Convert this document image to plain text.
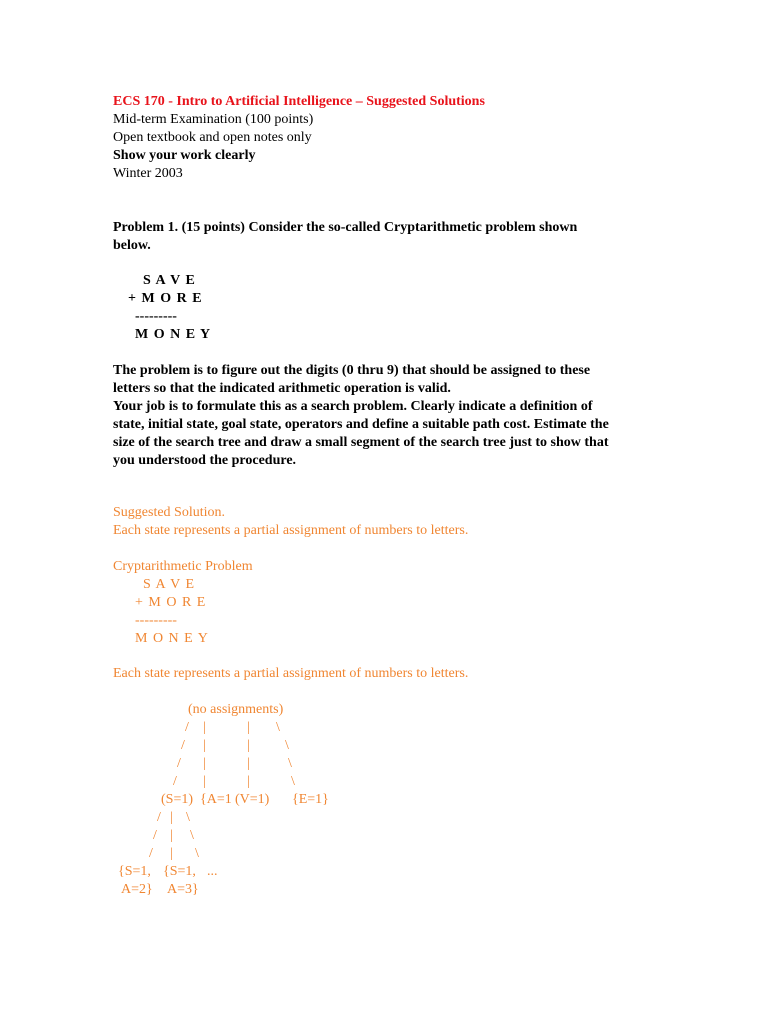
ECS 170 - Intro to Artificial Intelligence – Suggested Solutions
Mid-term Examination (100 points)
Open textbook and open notes only
Show your work clearly
Winter 2003
Problem 1. (15 points) Consider the so-called Cryptarithmetic problem shown
below.
S A V E
+ M O R E
---------
M O N E Y
The problem is to figure out the digits (0 thru 9) that should be assigned to these
letters so that the indicated arithmetic operation is valid.
Your job is to formulate this as a search problem. Clearly indicate a definition of
state, initial state, goal state, operators and define a suitable path cost. Estimate the
size of the search tree and draw a small segment of the search tree just to show that
you understood the procedure.
Suggested Solution.
Each state represents a partial assignment of numbers to letters.
Cryptarithmetic Problem
S A V E
+ M O R E
---------
M O N E Y
Each state represents a partial assignment of numbers to letters.
(no assignments)
/ |	| \
/ |	|	\
/ |	|	\
/ |	|	\
(S=1) {A=1 (V=1) {E=1}
/ | \
/ | \
/ | \
{S=1, {S=1, ...
A=2} A=3}
